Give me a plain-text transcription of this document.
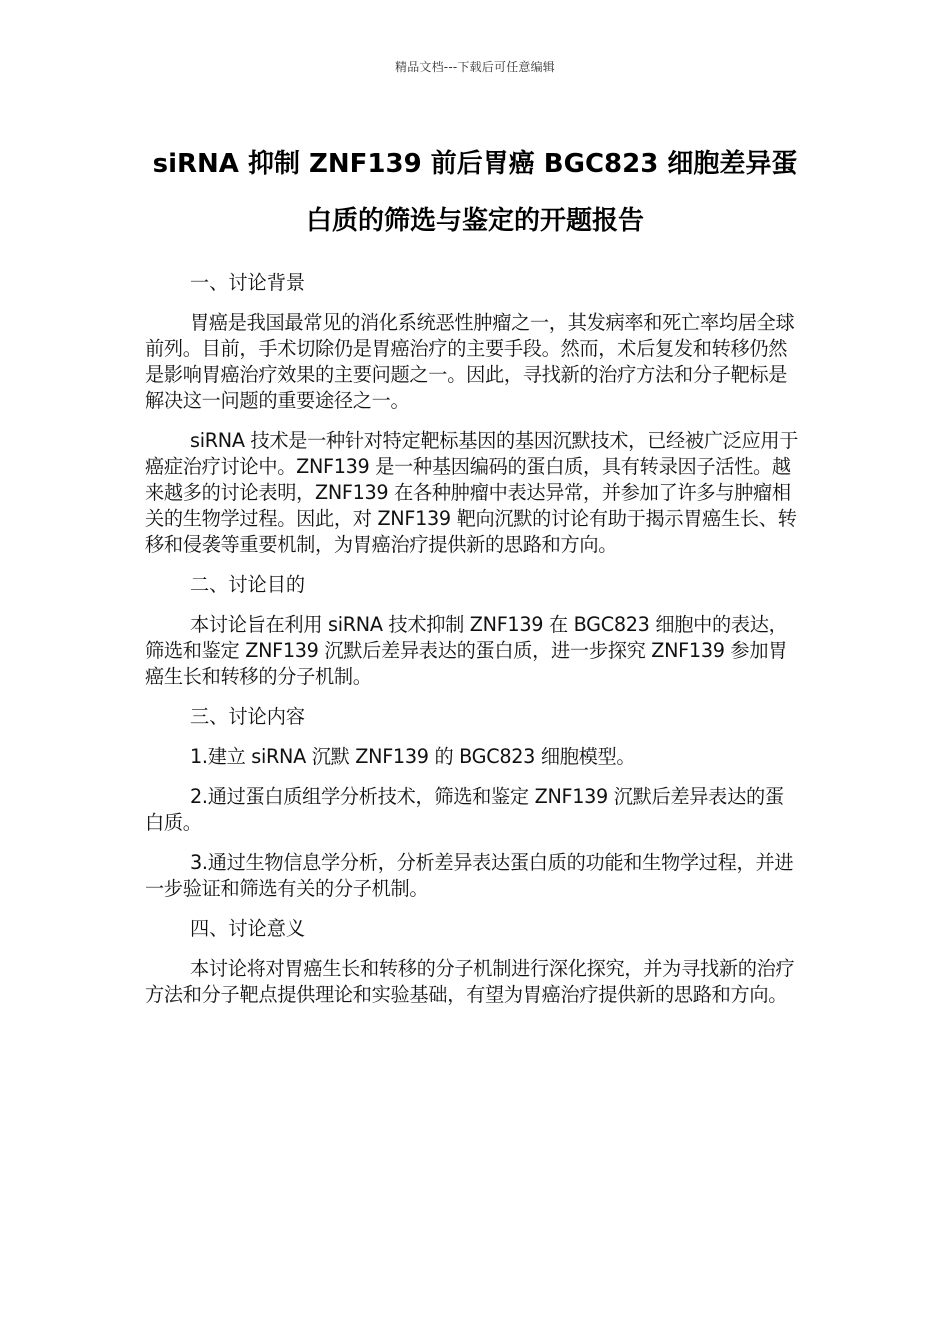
精品文档---下载后可任意编辑
siRNA 抑制 ZNF139 前后胃癌 BGC823 细胞差异蛋
白质的筛选与鉴定的开题报告

一、讨论背景

胃癌是我国最常见的消化系统恶性肿瘤之一，其发病率和死亡率均居全球前列。目前，手术切除仍是胃癌治疗的主要手段。然而，术后复发和转移仍然是影响胃癌治疗效果的主要问题之一。因此，寻找新的治疗方法和分子靶标是解决这一问题的重要途径之一。

siRNA 技术是一种针对特定靶标基因的基因沉默技术，已经被广泛应用于癌症治疗讨论中。ZNF139 是一种基因编码的蛋白质，具有转录因子活性。越来越多的讨论表明，ZNF139 在各种肿瘤中表达异常，并参加了许多与肿瘤相关的生物学过程。因此，对 ZNF139 靶向沉默的讨论有助于揭示胃癌生长、转移和侵袭等重要机制，为胃癌治疗提供新的思路和方向。

二、讨论目的

本讨论旨在利用 siRNA 技术抑制 ZNF139 在 BGC823 细胞中的表达，筛选和鉴定 ZNF139 沉默后差异表达的蛋白质，进一步探究 ZNF139 参加胃癌生长和转移的分子机制。

三、讨论内容

1.建立 siRNA 沉默 ZNF139 的 BGC823 细胞模型。

2.通过蛋白质组学分析技术，筛选和鉴定 ZNF139 沉默后差异表达的蛋白质。

3.通过生物信息学分析，分析差异表达蛋白质的功能和生物学过程，并进一步验证和筛选有关的分子机制。

四、讨论意义

本讨论将对胃癌生长和转移的分子机制进行深化探究，并为寻找新的治疗方法和分子靶点提供理论和实验基础，有望为胃癌治疗提供新的思路和方向。
